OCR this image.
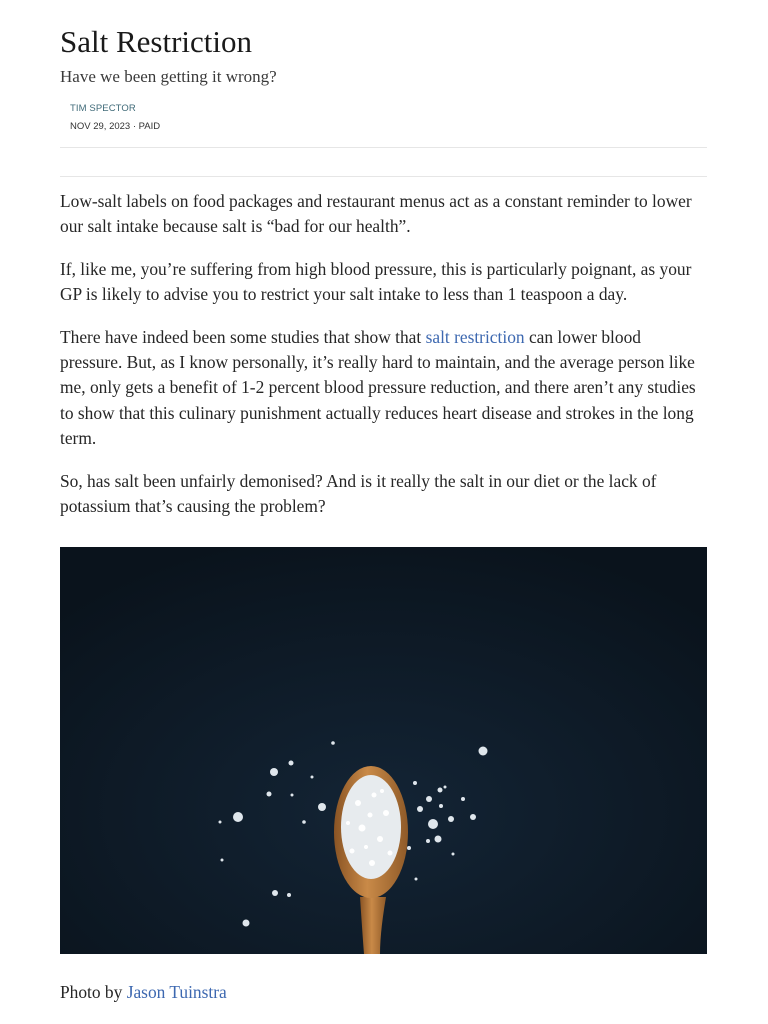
Salt Restriction
Have we been getting it wrong?
TIM SPECTOR
NOV 29, 2023 · PAID

Low-salt labels on food packages and restaurant menus act as a constant reminder to lower our salt intake because salt is “bad for our health”.

If, like me, you’re suffering from high blood pressure, this is particularly poignant, as your GP is likely to advise you to restrict your salt intake to less than 1 teaspoon a day.

There have indeed been some studies that show that salt restriction can lower blood pressure. But, as I know personally, it’s really hard to maintain, and the average person like me, only gets a benefit of 1-2 percent blood pressure reduction, and there aren’t any studies to show that this culinary punishment actually reduces heart disease and strokes in the long term.

So, has salt been unfairly demonised? And is it really the salt in our diet or the lack of potassium that’s causing the problem?

Photo by Jason Tuinstra
